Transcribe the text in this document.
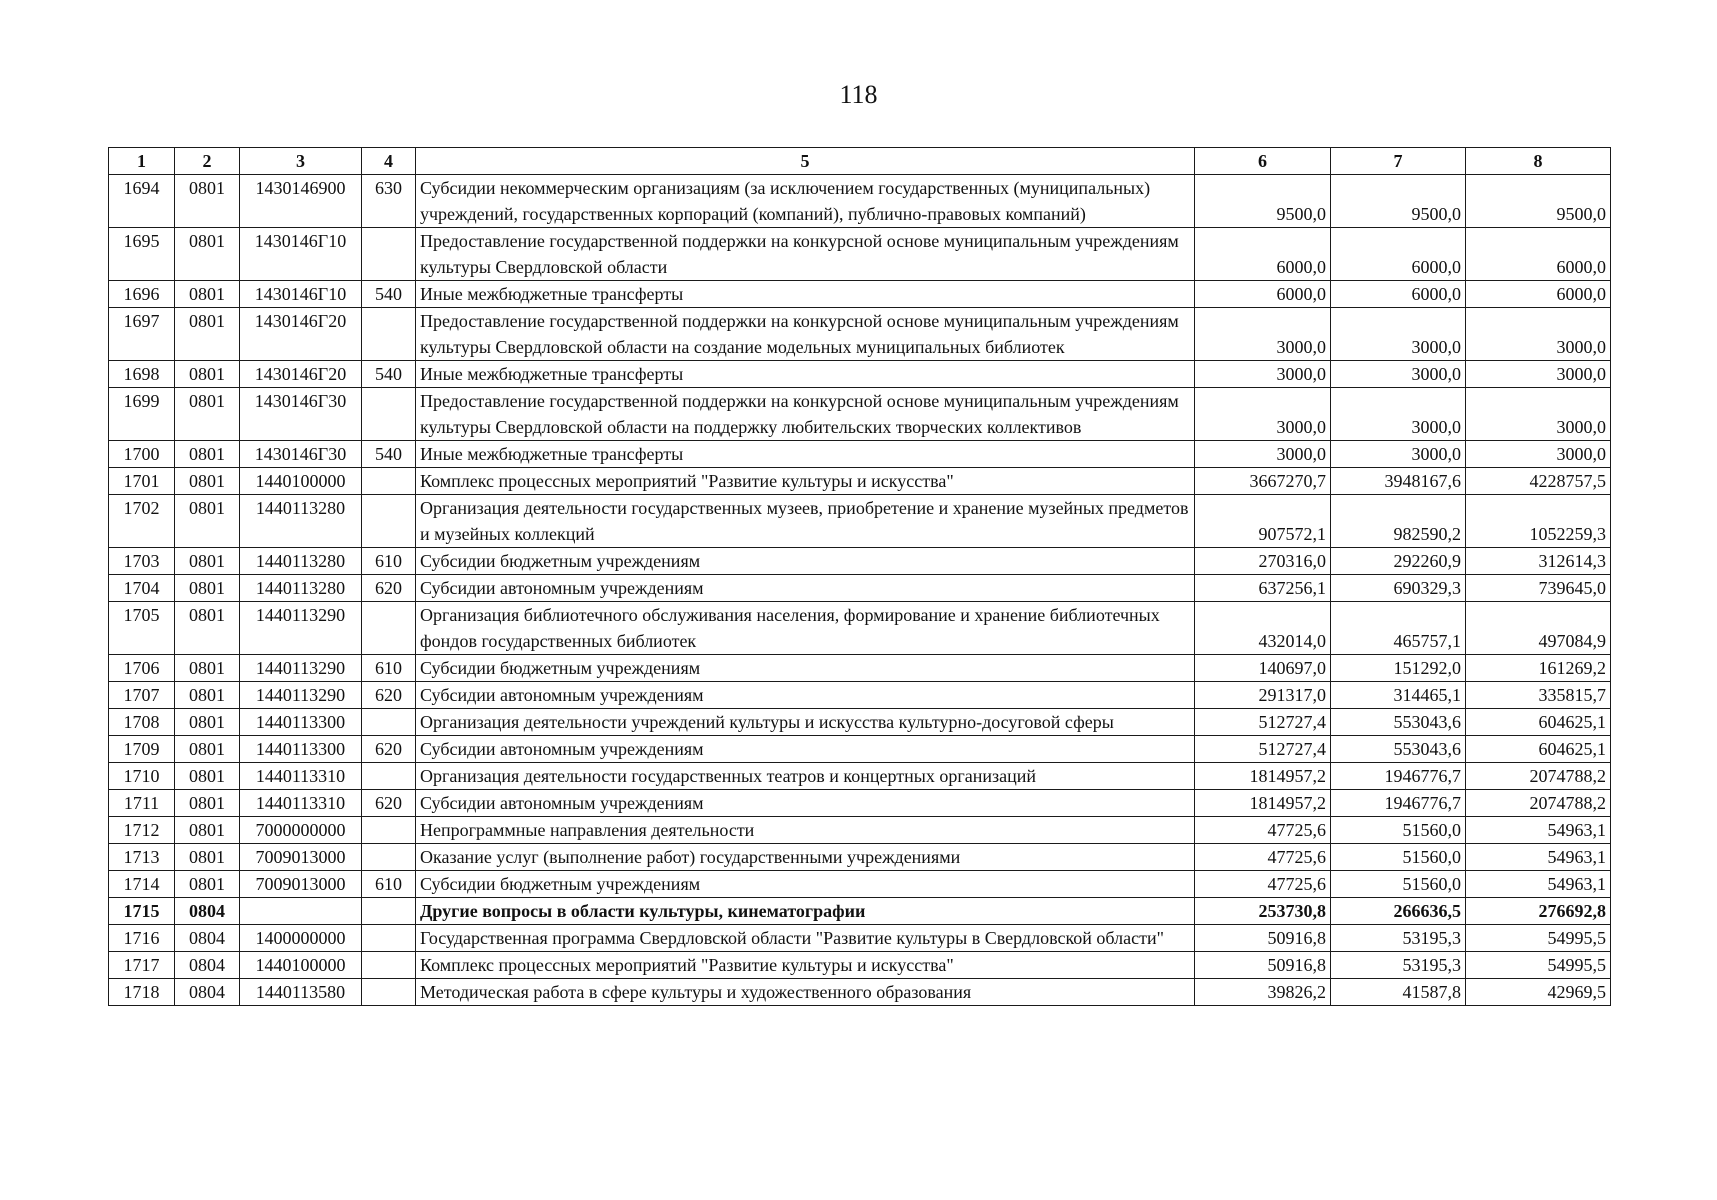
118
1	2	3	4	5	6	7	8
1694	0801	1430146900	630	Субсидии некоммерческим организациям (за исключением государственных (муниципальных) учреждений, государственных корпораций (компаний), публично-правовых компаний)	9500,0	9500,0	9500,0
1695	0801	1430146Г10		Предоставление государственной поддержки на конкурсной основе муниципальным учреждениям культуры Свердловской области	6000,0	6000,0	6000,0
1696	0801	1430146Г10	540	Иные межбюджетные трансферты	6000,0	6000,0	6000,0
1697	0801	1430146Г20		Предоставление государственной поддержки на конкурсной основе муниципальным учреждениям культуры Свердловской области на создание модельных муниципальных библиотек	3000,0	3000,0	3000,0
1698	0801	1430146Г20	540	Иные межбюджетные трансферты	3000,0	3000,0	3000,0
1699	0801	1430146Г30		Предоставление государственной поддержки на конкурсной основе муниципальным учреждениям культуры Свердловской области на поддержку любительских творческих коллективов	3000,0	3000,0	3000,0
1700	0801	1430146Г30	540	Иные межбюджетные трансферты	3000,0	3000,0	3000,0
1701	0801	1440100000		Комплекс процессных мероприятий "Развитие культуры и искусства"	3667270,7	3948167,6	4228757,5
1702	0801	1440113280		Организация деятельности государственных музеев, приобретение и хранение музейных предметов и музейных коллекций	907572,1	982590,2	1052259,3
1703	0801	1440113280	610	Субсидии бюджетным учреждениям	270316,0	292260,9	312614,3
1704	0801	1440113280	620	Субсидии автономным учреждениям	637256,1	690329,3	739645,0
1705	0801	1440113290		Организация библиотечного обслуживания населения, формирование и хранение библиотечных фондов государственных библиотек	432014,0	465757,1	497084,9
1706	0801	1440113290	610	Субсидии бюджетным учреждениям	140697,0	151292,0	161269,2
1707	0801	1440113290	620	Субсидии автономным учреждениям	291317,0	314465,1	335815,7
1708	0801	1440113300		Организация деятельности учреждений культуры и искусства культурно-досуговой сферы	512727,4	553043,6	604625,1
1709	0801	1440113300	620	Субсидии автономным учреждениям	512727,4	553043,6	604625,1
1710	0801	1440113310		Организация деятельности государственных театров и концертных организаций	1814957,2	1946776,7	2074788,2
1711	0801	1440113310	620	Субсидии автономным учреждениям	1814957,2	1946776,7	2074788,2
1712	0801	7000000000		Непрограммные направления деятельности	47725,6	51560,0	54963,1
1713	0801	7009013000		Оказание услуг (выполнение работ) государственными учреждениями	47725,6	51560,0	54963,1
1714	0801	7009013000	610	Субсидии бюджетным учреждениям	47725,6	51560,0	54963,1
1715	0804			Другие вопросы в области культуры, кинематографии	253730,8	266636,5	276692,8
1716	0804	1400000000		Государственная программа Свердловской области "Развитие культуры в Свердловской области"	50916,8	53195,3	54995,5
1717	0804	1440100000		Комплекс процессных мероприятий "Развитие культуры и искусства"	50916,8	53195,3	54995,5
1718	0804	1440113580		Методическая работа в сфере культуры и художественного образования	39826,2	41587,8	42969,5
